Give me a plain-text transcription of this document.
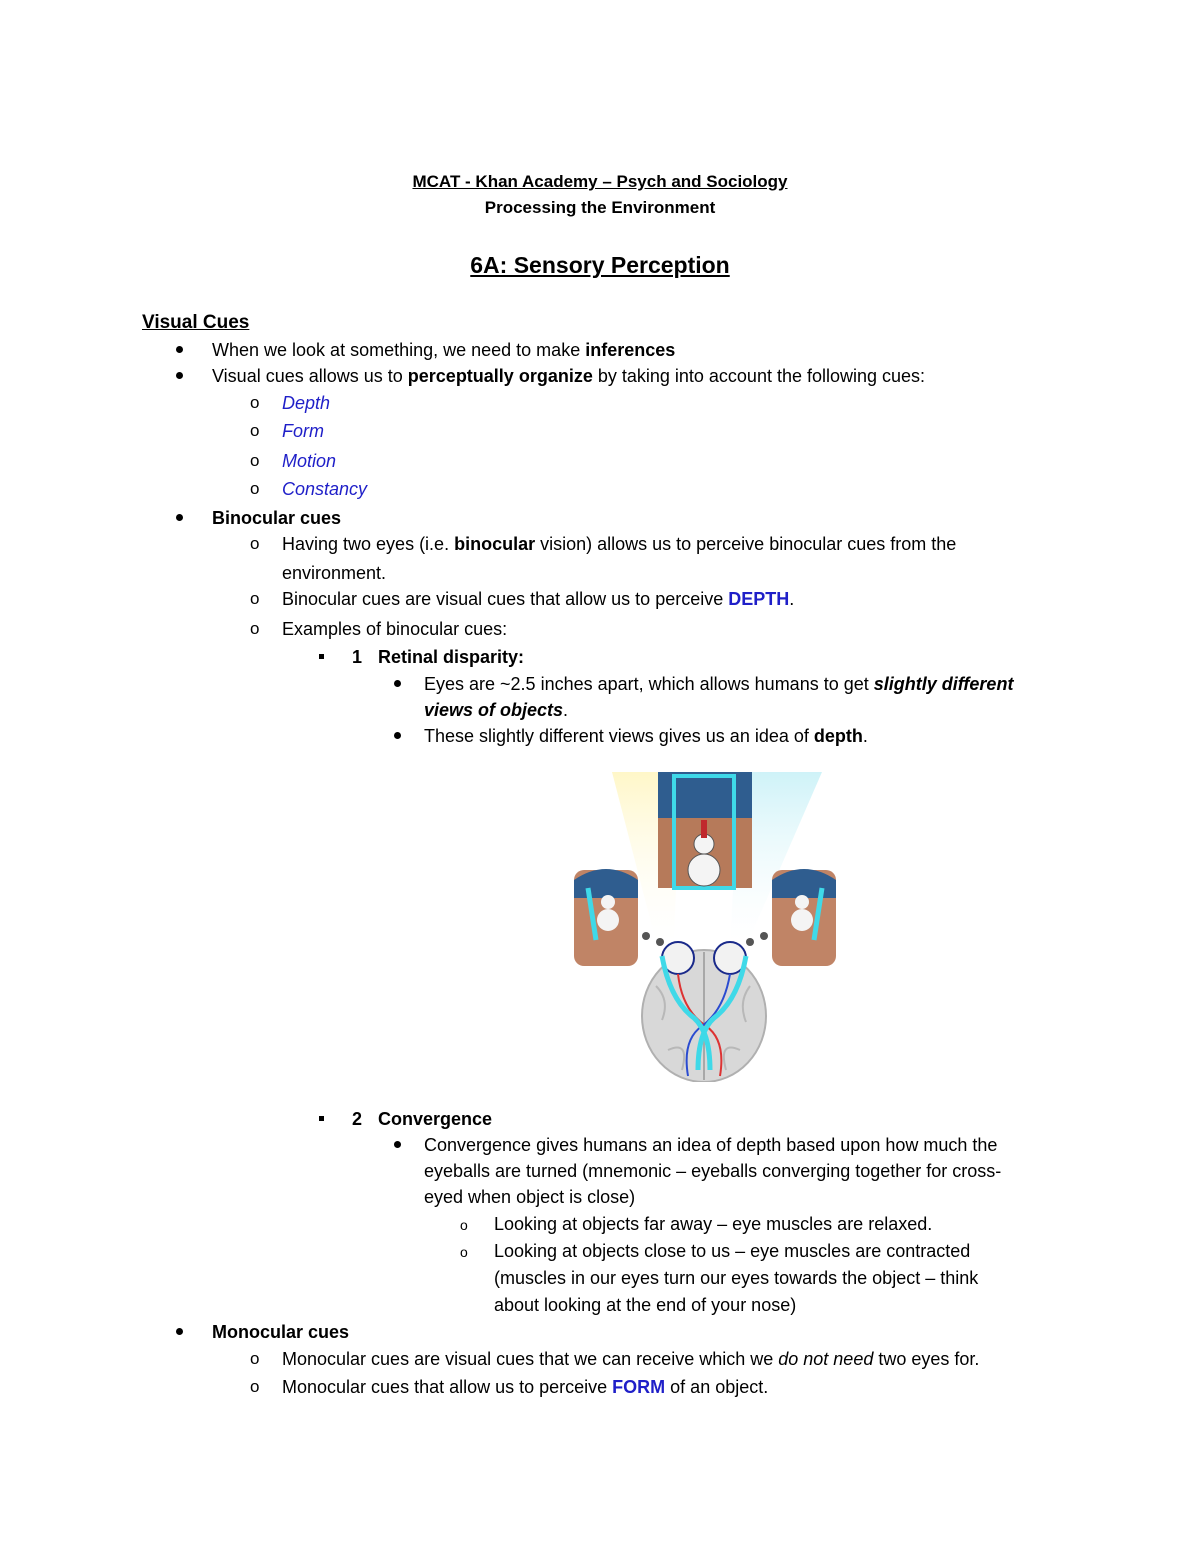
MCAT - Khan Academy – Psych and Sociology
Processing the Environment
6A: Sensory Perception
Visual Cues
When we look at something, we need to make inferences
Visual cues allows us to perceptually organize by taking into account the following cues:
o Depth
o Form
o Motion
o Constancy
Binocular cues
o Having two eyes (i.e. binocular vision) allows us to perceive binocular cues from the
environment.
o Binocular cues are visual cues that allow us to perceive DEPTH.
o Examples of binocular cues:
1 Retinal disparity:
Eyes are ~2.5 inches apart, which allows humans to get slightly different
views of objects.
These slightly different views gives us an idea of depth.
2 Convergence
Convergence gives humans an idea of depth based upon how much the
eyeballs are turned (mnemonic – eyeballs converging together for cross-
eyed when object is close)
o Looking at objects far away – eye muscles are relaxed.
o Looking at objects close to us – eye muscles are contracted
(muscles in our eyes turn our eyes towards the object – think
about looking at the end of your nose)
Monocular cues
o Monocular cues are visual cues that we can receive which we do not need two eyes for.
o Monocular cues that allow us to perceive FORM of an object.
